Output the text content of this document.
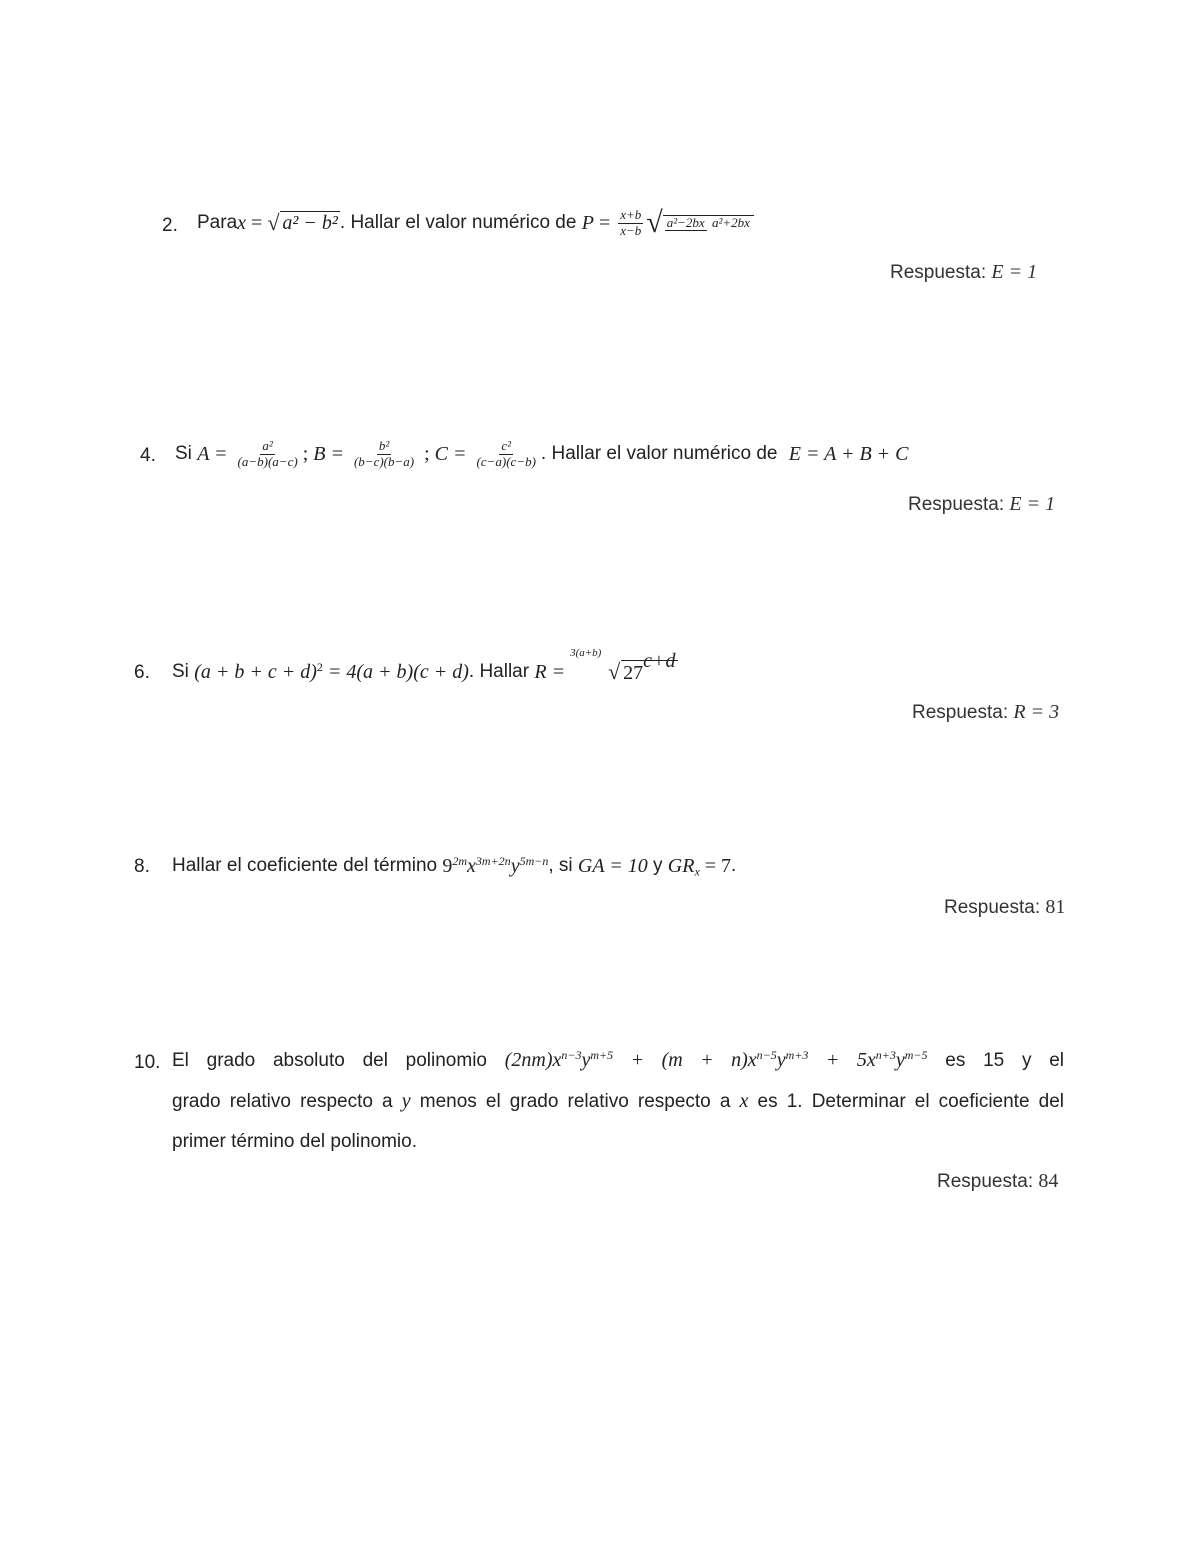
2. Para x = √ a² − b² . Hallar el valor numérico de $P = \frac{x+b}{x-b}$ √ a²−2bx a²+2bx
Respuesta: E = 1
4. Si $A = \frac{\text{a²}}{(a-b)(a-c)}$ ; $B = \frac{\text{b²}}{(b-c)(b-a)}$ ; $C = \frac{\text{c²}}{(c-a)(c-b)}$ . Hallar el valor numérico de E = A + B + C
Respuesta: E = 1
6. Si $(a + b + c + d)^2 = 4(a + b)(c + d)$ . Hallar R =
3(a+b)
√ $27^{c+d}$
Respuesta: R = 3
8. Hallar el coeficiente del término $9^{2m}x^{3m+2n}y^{5m-n}$ , si GA = 10 y $GR_x = 7$ .
Respuesta: 81
10. El grado absoluto del polinomio $(2nm)x^{n-3}y^{m+5} + (m + n)x^{n-5}y^{m+3} + 5x^{n+3}y^{m-5}$ es 15 y el
grado relativo respecto a y menos el grado relativo respecto a x es 1. Determinar el coeficiente del
primer término del polinomio.
Respuesta: 84
